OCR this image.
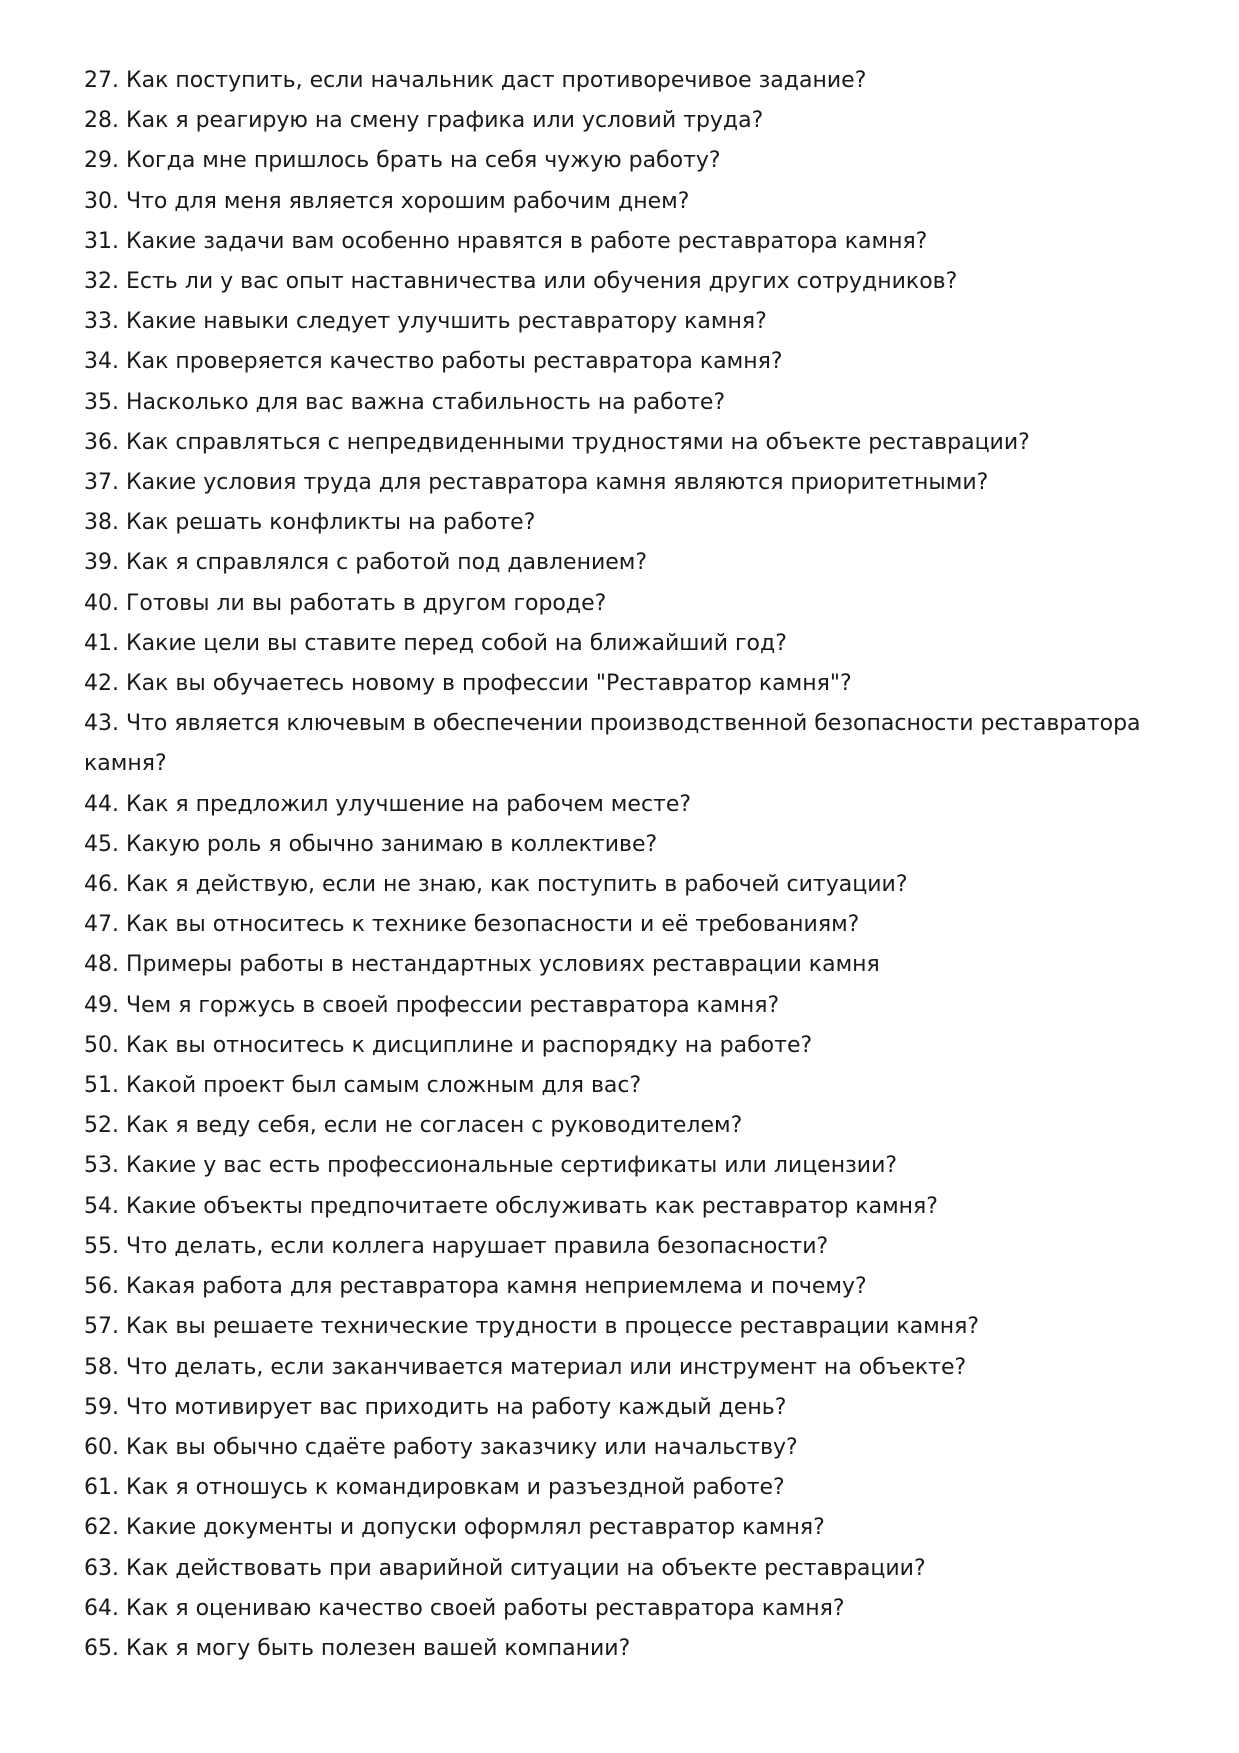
27. Как поступить, если начальник даст противоречивое задание?
28. Как я реагирую на смену графика или условий труда?
29. Когда мне пришлось брать на себя чужую работу?
30. Что для меня является хорошим рабочим днем?
31. Какие задачи вам особенно нравятся в работе реставратора камня?
32. Есть ли у вас опыт наставничества или обучения других сотрудников?
33. Какие навыки следует улучшить реставратору камня?
34. Как проверяется качество работы реставратора камня?
35. Насколько для вас важна стабильность на работе?
36. Как справляться с непредвиденными трудностями на объекте реставрации?
37. Какие условия труда для реставратора камня являются приоритетными?
38. Как решать конфликты на работе?
39. Как я справлялся с работой под давлением?
40. Готовы ли вы работать в другом городе?
41. Какие цели вы ставите перед собой на ближайший год?
42. Как вы обучаетесь новому в профессии "Реставратор камня"?
43. Что является ключевым в обеспечении производственной безопасности реставратора камня?
44. Как я предложил улучшение на рабочем месте?
45. Какую роль я обычно занимаю в коллективе?
46. Как я действую, если не знаю, как поступить в рабочей ситуации?
47. Как вы относитесь к технике безопасности и её требованиям?
48. Примеры работы в нестандартных условиях реставрации камня
49. Чем я горжусь в своей профессии реставратора камня?
50. Как вы относитесь к дисциплине и распорядку на работе?
51. Какой проект был самым сложным для вас?
52. Как я веду себя, если не согласен с руководителем?
53. Какие у вас есть профессиональные сертификаты или лицензии?
54. Какие объекты предпочитаете обслуживать как реставратор камня?
55. Что делать, если коллега нарушает правила безопасности?
56. Какая работа для реставратора камня неприемлема и почему?
57. Как вы решаете технические трудности в процессе реставрации камня?
58. Что делать, если заканчивается материал или инструмент на объекте?
59. Что мотивирует вас приходить на работу каждый день?
60. Как вы обычно сдаёте работу заказчику или начальству?
61. Как я отношусь к командировкам и разъездной работе?
62. Какие документы и допуски оформлял реставратор камня?
63. Как действовать при аварийной ситуации на объекте реставрации?
64. Как я оцениваю качество своей работы реставратора камня?
65. Как я могу быть полезен вашей компании?
